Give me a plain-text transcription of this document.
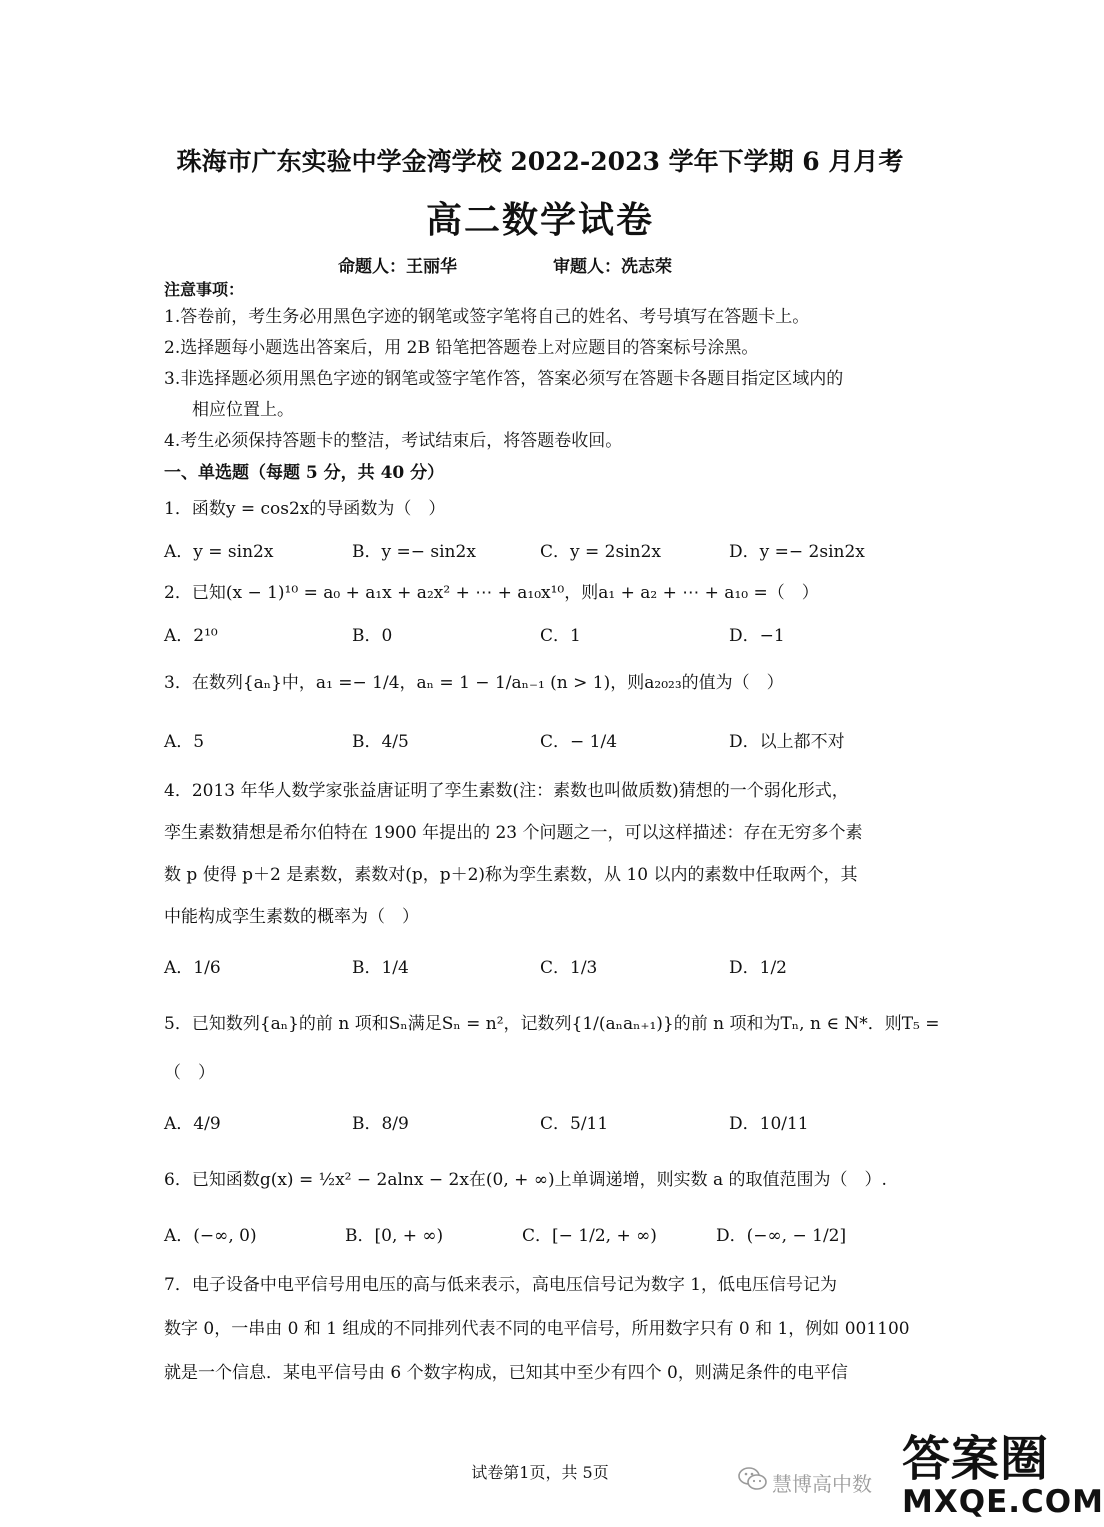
珠海市广东实验中学金湾学校 2022-2023 学年下学期 6 月月考
高二数学试卷
命题人：王丽华	审题人：冼志荣
注意事项：
1.答卷前，考生务必用黑色字迹的钢笔或签字笔将自己的姓名、考号填写在答题卡上。
2.选择题每小题选出答案后，用 2B 铅笔把答题卷上对应题目的答案标号涂黑。
3.非选择题必须用黑色字迹的钢笔或签字笔作答，答案必须写在答题卡各题目指定区域内的
相应位置上。
4.考生必须保持答题卡的整洁，考试结束后，将答题卷收回。
一、单选题（每题 5 分，共 40 分）
1．函数y = cos2x的导函数为（　）
A．y = sin2x	B．y =− sin2x	C．y = 2sin2x	D．y =− 2sin2x
2．已知(x − 1)¹⁰ = a₀ + a₁x + a₂x² + ⋯ + a₁₀x¹⁰，则a₁ + a₂ + ⋯ + a₁₀ =（　）
A．2¹⁰	B．0	C．1	D．−1
3．在数列{aₙ}中，a₁ =− 1/4，aₙ = 1 − 1/aₙ₋₁ (n > 1)，则a₂₀₂₃的值为（　）
A．5	B．4/5	C．− 1/4	D．以上都不对
4．2013 年华人数学家张益唐证明了孪生素数(注：素数也叫做质数)猜想的一个弱化形式，
孪生素数猜想是希尔伯特在 1900 年提出的 23 个问题之一，可以这样描述：存在无穷多个素
数 p 使得 p＋2 是素数，素数对(p，p＋2)称为孪生素数，从 10 以内的素数中任取两个，其
中能构成孪生素数的概率为（　）
A．1/6	B．1/4	C．1/3	D．1/2
5．已知数列{aₙ}的前 n 项和Sₙ满足Sₙ = n²，记数列{1/(aₙaₙ₊₁)}的前 n 项和为Tₙ, n ∈ N*．则T₅ =
（　）
A．4/9	B．8/9	C．5/11	D．10/11
6．已知函数g(x) = ½x² − 2alnx − 2x在(0, + ∞)上单调递增，则实数 a 的取值范围为（　）.
A．(−∞, 0)	B．[0, + ∞)	C．[− 1/2, + ∞)	D．(−∞, − 1/2]
7．电子设备中电平信号用电压的高与低来表示，高电压信号记为数字 1，低电压信号记为
数字 0，一串由 0 和 1 组成的不同排列代表不同的电平信号，所用数字只有 0 和 1，例如 001100
就是一个信息．某电平信号由 6 个数字构成，已知其中至少有四个 0，则满足条件的电平信
试卷第1页，共 5页	慧博高中数 答案圈
MXQE.COM
